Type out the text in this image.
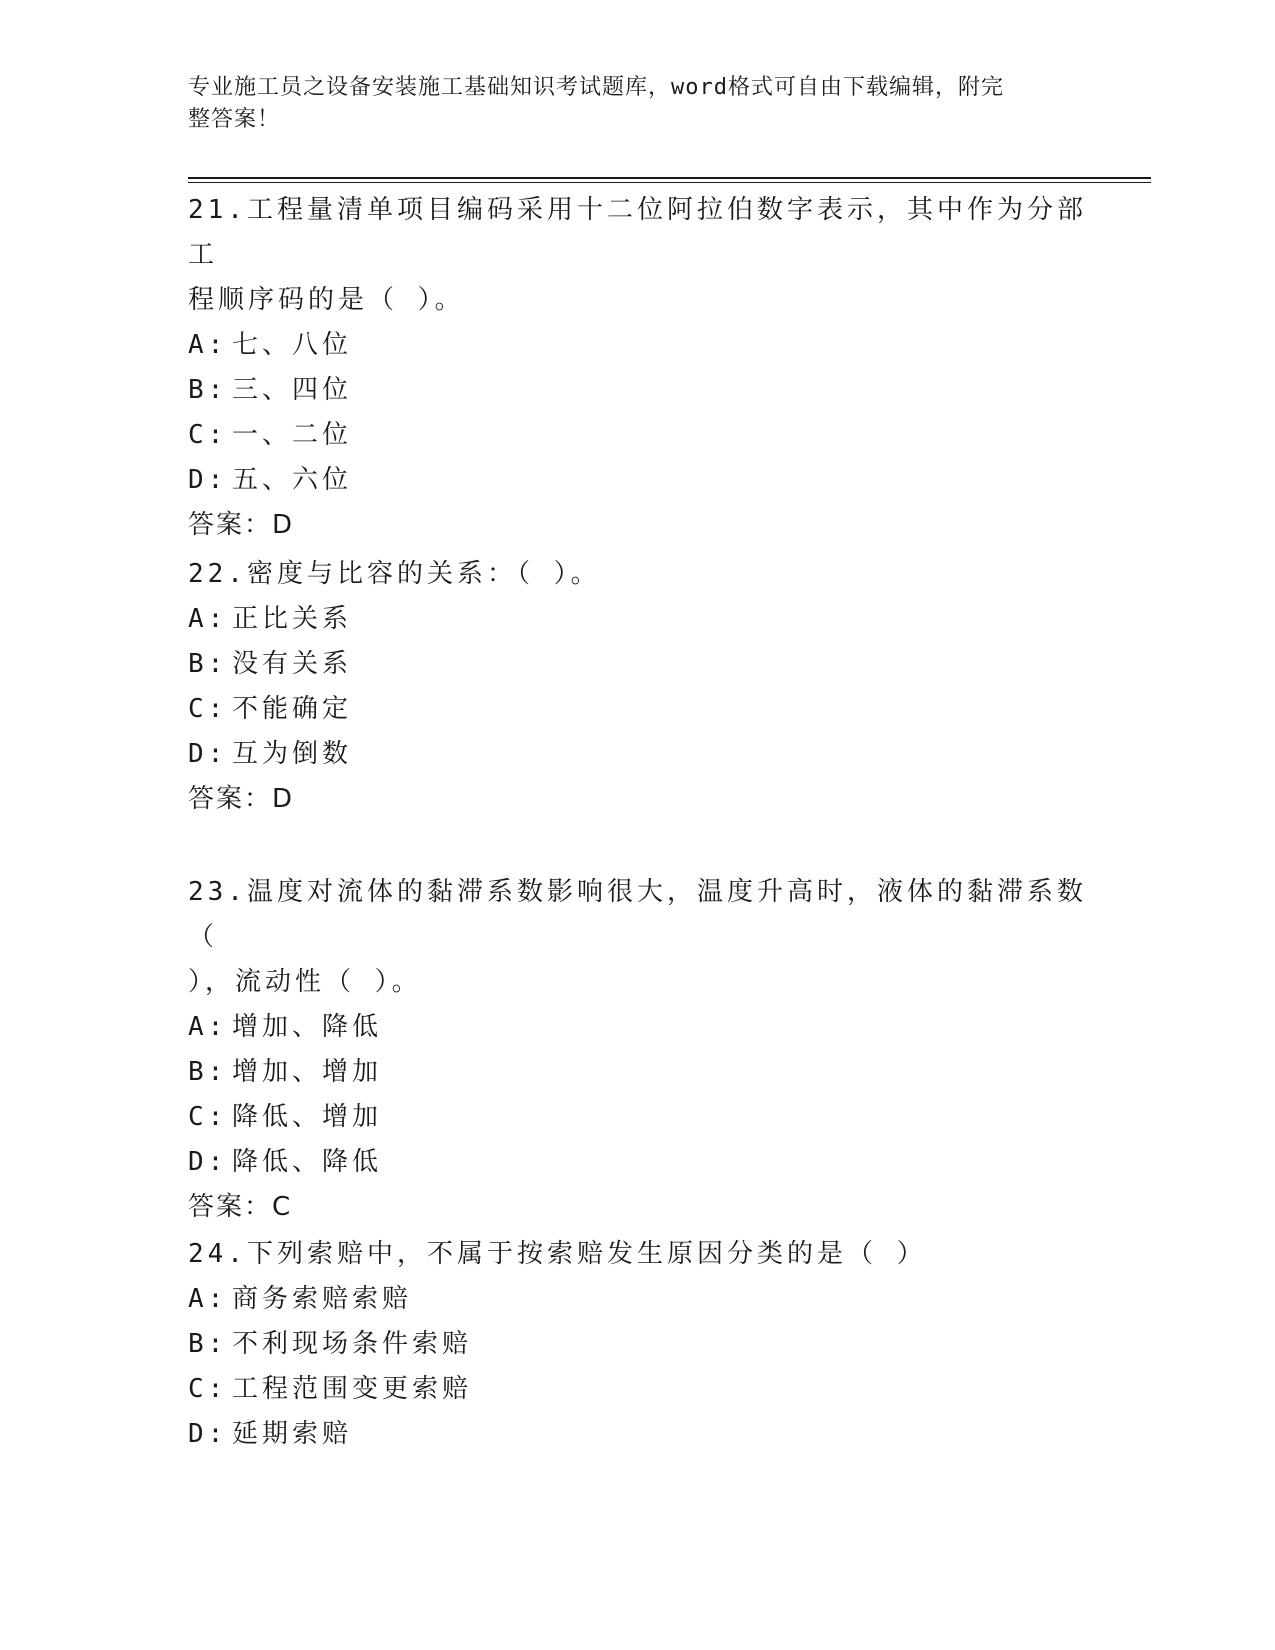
专业施工员之设备安装施工基础知识考试题库，word格式可自由下载编辑，附完
整答案！
21.工程量清单项目编码采用十二位阿拉伯数字表示，其中作为分部工
程顺序码的是（ ）。
A: 七、八位
B: 三、四位
C: 一、二位
D: 五、六位
答案：D
22.密度与比容的关系：（ ）。
A: 正比关系
B: 没有关系
C: 不能确定
D: 互为倒数
答案：D
23.温度对流体的黏滞系数影响很大，温度升高时，液体的黏滞系数（
），流动性（ ）。
A: 增加、降低
B: 增加、增加
C: 降低、增加
D: 降低、降低
答案：C
24.下列索赔中，不属于按索赔发生原因分类的是（ ）
A: 商务索赔索赔
B: 不利现场条件索赔
C: 工程范围变更索赔
D: 延期索赔
